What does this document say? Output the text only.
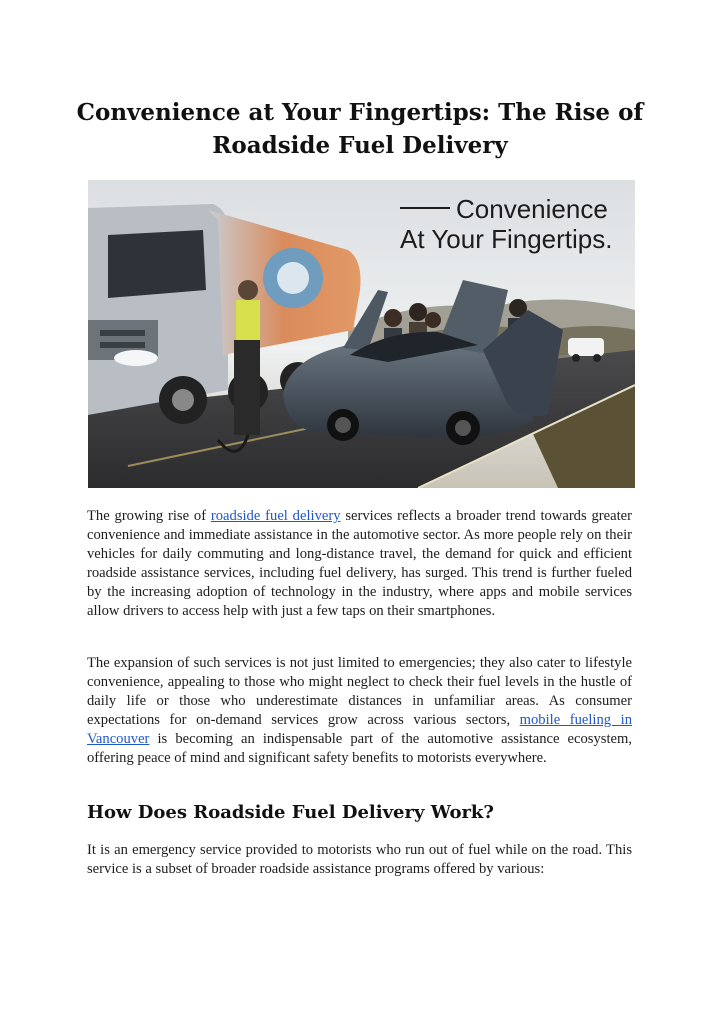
Convenience at Your Fingertips: The Rise of Roadside Fuel Delivery
Convenience
At Your Fingertips.

The growing rise of roadside fuel delivery services reflects a broader trend towards greater convenience and immediate assistance in the automotive sector. As more people rely on their vehicles for daily commuting and long-distance travel, the demand for quick and efficient roadside assistance services, including fuel delivery, has surged. This trend is further fueled by the increasing adoption of technology in the industry, where apps and mobile services allow drivers to access help with just a few taps on their smartphones.

The expansion of such services is not just limited to emergencies; they also cater to lifestyle convenience, appealing to those who might neglect to check their fuel levels in the hustle of daily life or those who underestimate distances in unfamiliar areas. As consumer expectations for on-demand services grow across various sectors, mobile fueling in Vancouver is becoming an indispensable part of the automotive assistance ecosystem, offering peace of mind and significant safety benefits to motorists everywhere.

How Does Roadside Fuel Delivery Work?

It is an emergency service provided to motorists who run out of fuel while on the road. This service is a subset of broader roadside assistance programs offered by various:
